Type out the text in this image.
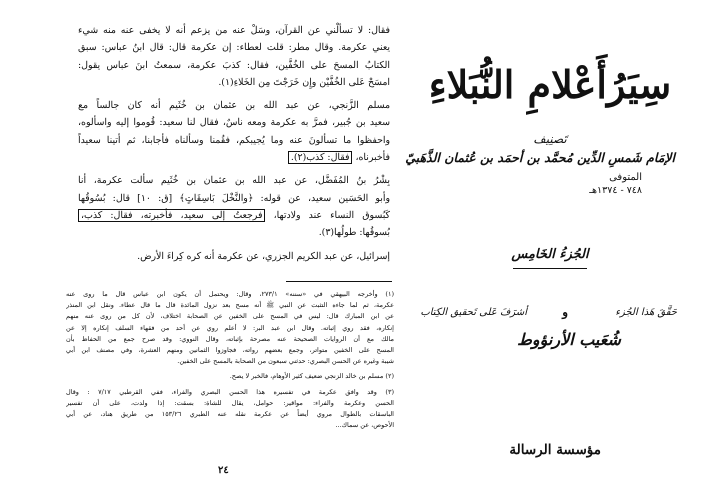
فقال: لا تسألْني عن القرآن، وسَلْ عنه من يزعم أنه لا يخفى عنه منه شيء
يعني عكرمة. وقال مطر: قلت لعطاء: إن عكرمة قال: قال ابنُ عباس: سبق
الكتابُ المسحَ على الخُفَّين، فقال: كذبَ عكرمة، سمعتُ ابنَ عباس يقول:
امسَحْ عَلى الخُفَّيْن وإِن خَرَجْتَ مِن الخَلاءِ(١).
مسلم الزَّنجي، عن عبد الله بن عثمان بن خُثَيم أنه كان جالساً مع
سعيد بن جُبير، فمرَّ به عكرمة ومعه ناسٌ، فقال لنا سعيد: قُوموا إليه واسألوه،
واحفظوا ما تسألونَ عنه وما يُجيبكم، فقُمنا وسألناه فأجابنا، ثم أتينا سعيداً
فأخبرناه، فقال: كذب(٢).
بِشْرُ بنُ المُفَضَّل، عن عبد الله بن عثمان بن خُثَيم سألت عكرمة، أنا
وأبو الحَسَين سعيد، عن قوله: ﴿والنَّخْلَ بَاسِقَاتٍ﴾ [ق: ١٠] قال: بُسُوقُها
كَبُسوق النساء عند ولادتها، فرجعتُ إلى سعيد، فأخبرته، فقال: كذب،
بُسوقُها: طولُها(٣).
إسرائيل، عن عبد الكريم الجزري، عن عكرمة أنه كره كِراءَ الأرض.
(١) وأخرجه البيهقي في «سننه» ٢٧٣/١، وقال: ويحتمل أن يكون ابن عباس قال ما روى عنه
عكرمة، ثم لما جاءه التثبت عن النبي ﷺ أنه مسح بعد نزول المائدة قال ما قال عطاء. ونقل ابن المنذر
عن ابن المبارك قال: ليس في المسح على الخفين عن الصحابة اختلاف، لأن كل من روى عنه منهم
إنكاره، فقد روي إثباته. وقال ابن عبد البر: لا أعلم روي عن أحد من فقهاء السلف إنكاره إلا عن
مالك مع أن الروايات الصحيحة عنه مصرحة بإثباته، وقال النووي: وقد صرح جمع من الحفاظ بأن
المسح على الخفين متواتر، وجمع بعضهم رواته، فجاوزوا الثمانين ومنهم العشرة، وفي مصنف ابن أبي
شيبة وغيره عن الحسن البصري: حدثني سبعون من الصحابة بالمسح على الخفين.
(٢) مسلم بن خالد الزنجي ضعيف كثير الأوهام، فالخبر لا يصح.
(٣) وقد وافق عكرمة في تفسيره هذا الحسن البصري والفراء، ففي القرطبي ٧/١٧ : وقال
الحسن وعكرمة والفراء: مواقير: حوامل، يقال للشاة: بسقت: إذا ولدت، على أن تفسير
الباسقات بالطوال مروي أيضاً عن عكرمة نقله عنه الطبري ١٥٣/٢٦ من طريق هناد، عن أبي
الأحوص، عن سماك...
٢٤
سِيَرُأَعْلامِ النُّبَلاءِ
تَصنِيف
الإمَام شَمسِ الدِّين مُحمَّد بن أحمَد بن عُثمان الذَّهَبيّ
المتوفى
٧٤٨ - ١٣٧٤هـ
الجُزءُ الخَامِس
أشرَفَ عَلى تَحقيق الكِتاب	و	حَقَّقَ هَذا الجُزء
شُعَيب الأرنؤوط
مؤسسة الرسالة
